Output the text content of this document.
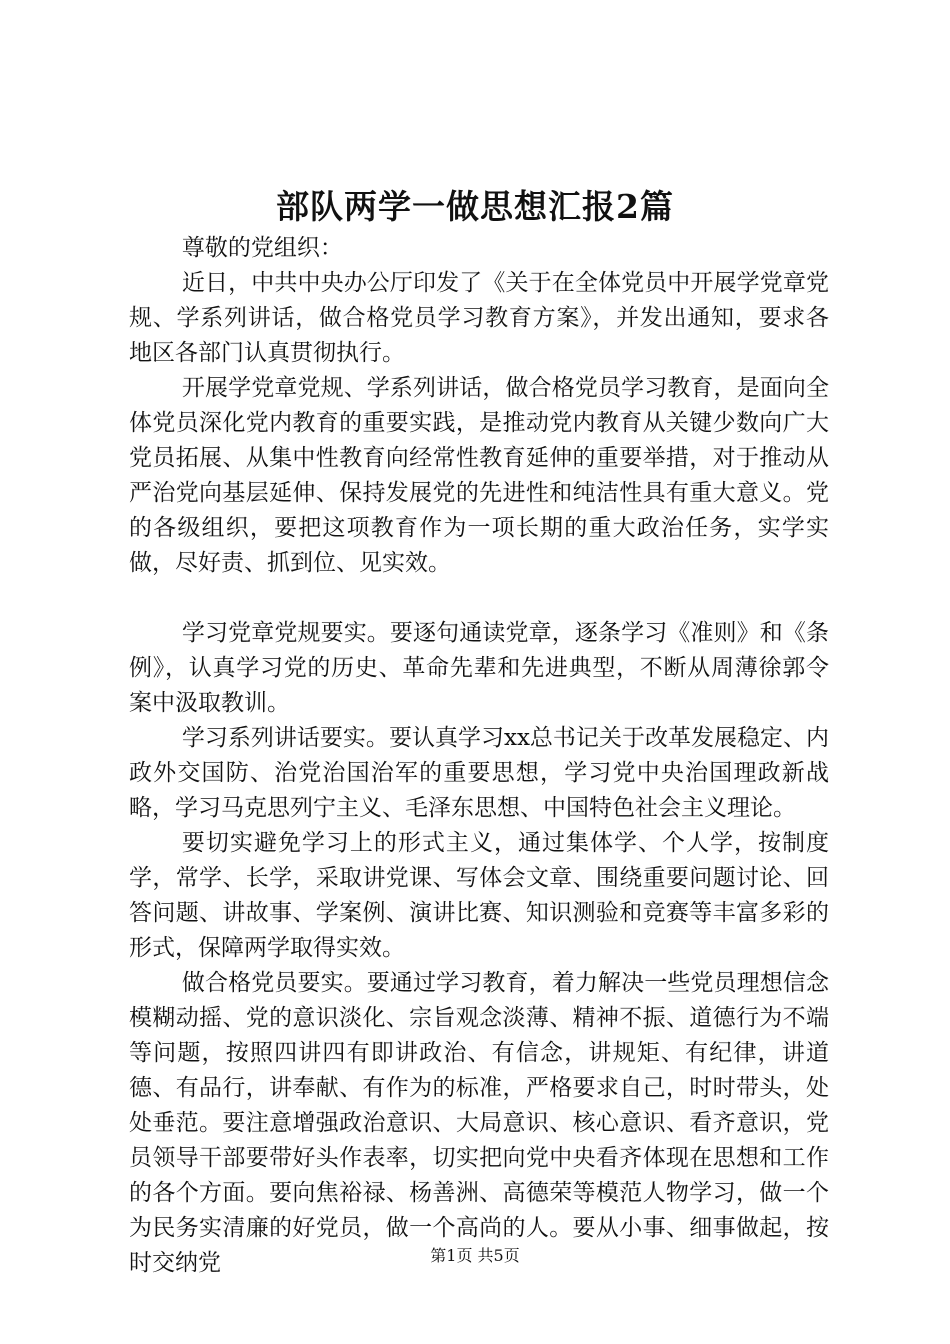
部队两学一做思想汇报2篇

尊敬的党组织：

近日，中共中央办公厅印发了《关于在全体党员中开展学党章党规、学系列讲话，做合格党员学习教育方案》，并发出通知，要求各地区各部门认真贯彻执行。

开展学党章党规、学系列讲话，做合格党员学习教育，是面向全体党员深化党内教育的重要实践，是推动党内教育从关键少数向广大党员拓展、从集中性教育向经常性教育延伸的重要举措，对于推动从严治党向基层延伸、保持发展党的先进性和纯洁性具有重大意义。党的各级组织，要把这项教育作为一项长期的重大政治任务，实学实做，尽好责、抓到位、见实效。

学习党章党规要实。要逐句通读党章，逐条学习《准则》和《条例》，认真学习党的历史、革命先辈和先进典型，不断从周薄徐郭令案中汲取教训。

学习系列讲话要实。要认真学习xx总书记关于改革发展稳定、内政外交国防、治党治国治军的重要思想，学习党中央治国理政新战略，学习马克思列宁主义、毛泽东思想、中国特色社会主义理论。

要切实避免学习上的形式主义，通过集体学、个人学，按制度学，常学、长学，采取讲党课、写体会文章、围绕重要问题讨论、回答问题、讲故事、学案例、演讲比赛、知识测验和竞赛等丰富多彩的形式，保障两学取得实效。

做合格党员要实。要通过学习教育，着力解决一些党员理想信念模糊动摇、党的意识淡化、宗旨观念淡薄、精神不振、道德行为不端等问题，按照四讲四有即讲政治、有信念，讲规矩、有纪律，讲道德、有品行，讲奉献、有作为的标准，严格要求自己，时时带头，处处垂范。要注意增强政治意识、大局意识、核心意识、看齐意识，党员领导干部要带好头作表率，切实把向党中央看齐体现在思想和工作的各个方面。要向焦裕禄、杨善洲、高德荣等模范人物学习，做一个为民务实清廉的好党员，做一个高尚的人。要从小事、细事做起，按时交纳党	第1页 共5页
